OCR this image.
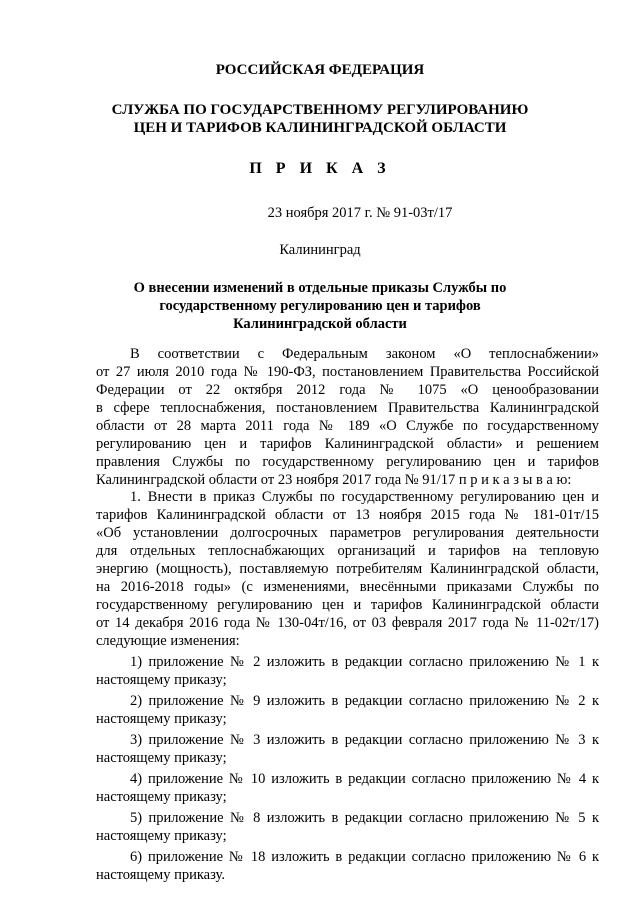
РОССИЙСКАЯ ФЕДЕРАЦИЯ
СЛУЖБА ПО ГОСУДАРСТВЕННОМУ РЕГУЛИРОВАНИЮ
ЦЕН И ТАРИФОВ КАЛИНИНГРАДСКОЙ ОБЛАСТИ
П Р И К А З
23 ноября 2017 г. № 91-03т/17
Калининград
О внесении изменений в отдельные приказы Службы по
государственному регулированию цен и тарифов
Калининградской области
В соответствии с Федеральным законом «О теплоснабжении»
от 27 июля 2010 года № 190-ФЗ, постановлением Правительства Российской
Федерации от 22 октября 2012 года № 1075 «О ценообразовании
в сфере теплоснабжения, постановлением Правительства Калининградской
области от 28 марта 2011 года № 189 «О Службе по государственному
регулированию цен и тарифов Калининградской области» и решением
правления Службы по государственному регулированию цен и тарифов
Калининградской области от 23 ноября 2017 года № 91/17 п р и к а з ы в а ю:
1. Внести в приказ Службы по государственному регулированию цен и
тарифов Калининградской области от 13 ноября 2015 года № 181-01т/15
«Об установлении долгосрочных параметров регулирования деятельности
для отдельных теплоснабжающих организаций и тарифов на тепловую
энергию (мощность), поставляемую потребителям Калининградской области,
на 2016-2018 годы» (с изменениями, внесёнными приказами Службы по
государственному регулированию цен и тарифов Калининградской области
от 14 декабря 2016 года № 130-04т/16, от 03 февраля 2017 года № 11-02т/17)
следующие изменения:
1) приложение № 2 изложить в редакции согласно приложению № 1 к
настоящему приказу;
2) приложение № 9 изложить в редакции согласно приложению № 2 к
настоящему приказу;
3) приложение № 3 изложить в редакции согласно приложению № 3 к
настоящему приказу;
4) приложение № 10 изложить в редакции согласно приложению № 4 к
настоящему приказу;
5) приложение № 8 изложить в редакции согласно приложению № 5 к
настоящему приказу;
6) приложение № 18 изложить в редакции согласно приложению № 6 к
настоящему приказу.
